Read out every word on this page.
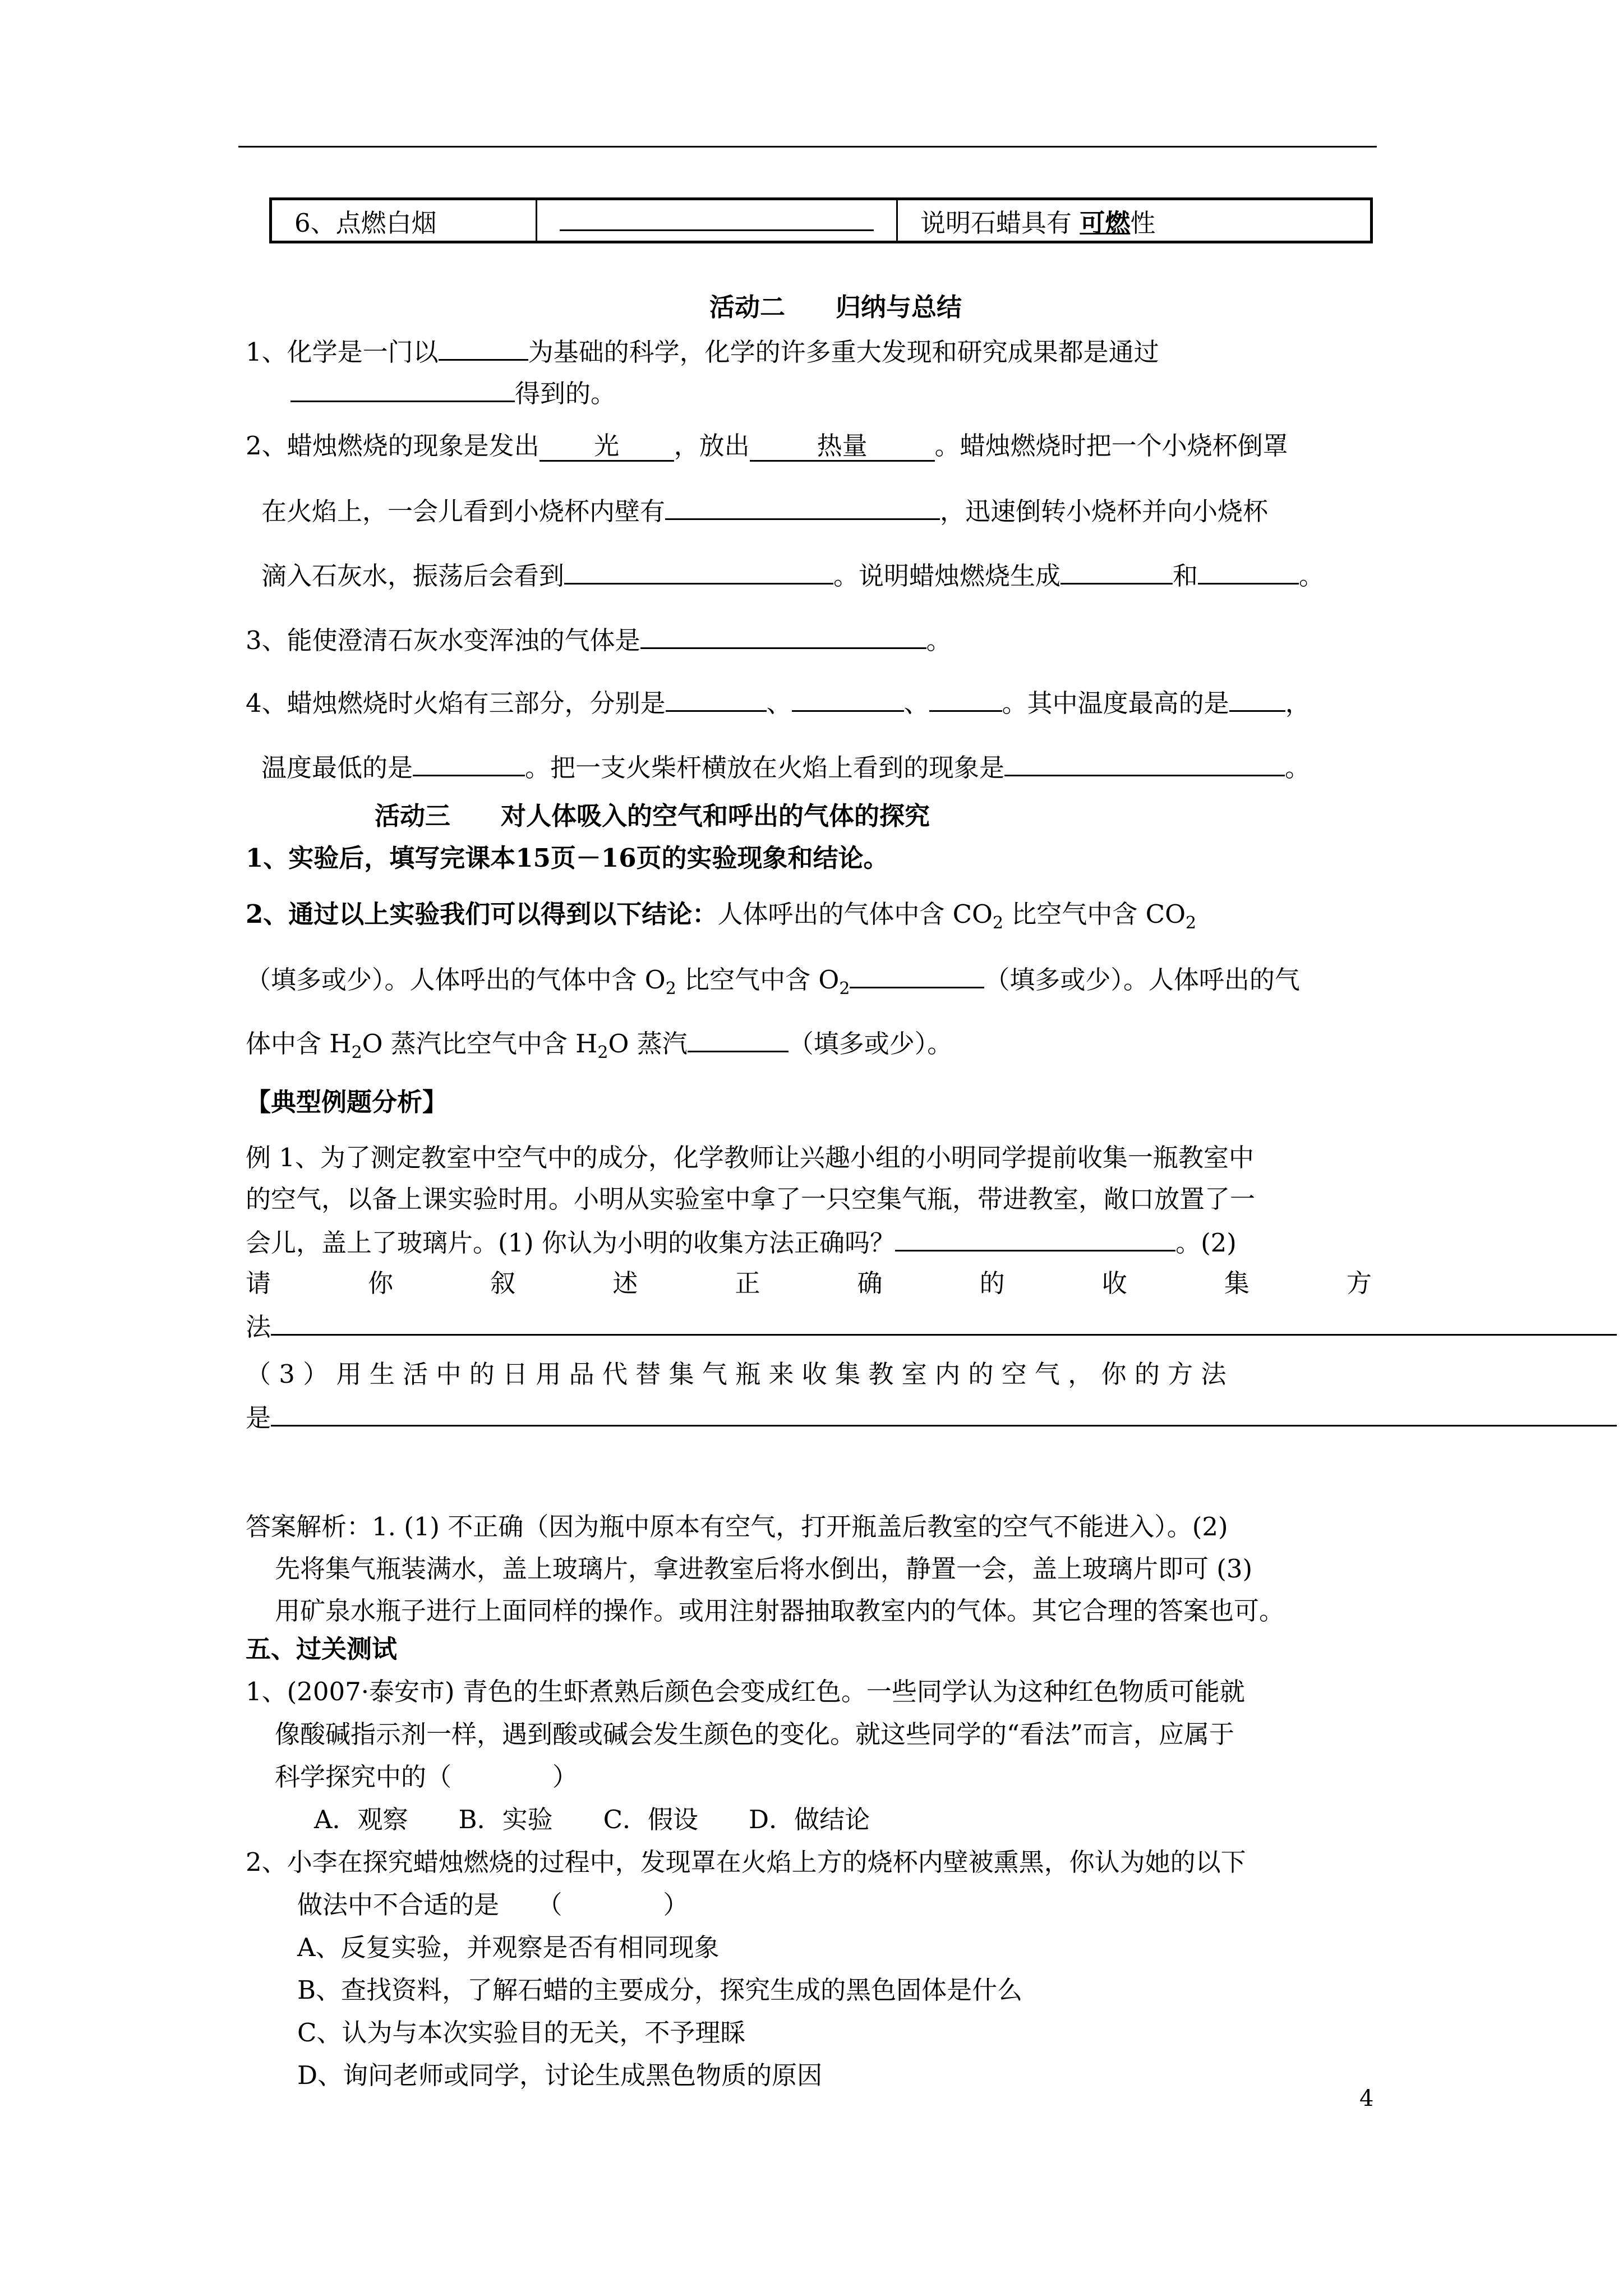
6、点燃白烟		说明石蜡具有 可燃性
活动二　　归纳与总结
1、化学是一门以	为基础的科学，化学的许多重大发现和研究成果都是通过
得到的。
2、蜡烛燃烧的现象是发出 光 ，放出	热量	。蜡烛燃烧时把一个小烧杯倒罩
在火焰上，一会儿看到小烧杯内壁有	，迅速倒转小烧杯并向小烧杯
滴入石灰水，振荡后会看到	。说明蜡烛燃烧生成	和	。
3、能使澄清石灰水变浑浊的气体是	。
4、蜡烛燃烧时火焰有三部分，分别是	、	、	。其中温度最高的是 ，
温度最低的是	。把一支火柴杆横放在火焰上看到的现象是	。
活动三　　对人体吸入的空气和呼出的气体的探究
1、实验后，填写完课本15页－16页的实验现象和结论。
2、通过以上实验我们可以得到以下结论：人体呼出的气体中含 $CO_2$ 比空气中含 $CO_2$
（填多或少）。人体呼出的气体中含 $O_2$ 比空气中含 $O_2$	（填多或少）。人体呼出的气
体中含 $H_2O$ 蒸汽比空气中含 $H_2O$ 蒸汽	（填多或少）。
【典型例题分析】
例 1、为了测定教室中空气中的成分，化学教师让兴趣小组的小明同学提前收集一瓶教室中
的空气，以备上课实验时用。小明从实验室中拿了一只空集气瓶，带进教室，敞口放置了一
会儿，盖上了玻璃片。(1) 你认为小明的收集方法正确吗？	。(2)
请	你	叙	述	正	确	的	收	集	方
法
（ 3 ） 用 生 活 中 的 日 用 品 代 替 集 气 瓶 来 收 集 教 室 内 的 空 气 ， 你 的 方 法
是
答案解析：1. (1) 不正确（因为瓶中原本有空气，打开瓶盖后教室的空气不能进入）。(2)
先将集气瓶装满水，盖上玻璃片，拿进教室后将水倒出，静置一会，盖上玻璃片即可 (3)
用矿泉水瓶子进行上面同样的操作。或用注射器抽取教室内的气体。其它合理的答案也可。
五、过关测试
1、(2007·泰安市) 青色的生虾煮熟后颜色会变成红色。一些同学认为这种红色物质可能就
像酸碱指示剂一样，遇到酸或碱会发生颜色的变化。就这些同学的“看法”而言，应属于
科学探究中的（　　　　）
A．观察　　B．实验　　C．假设　　D．做结论
2、小李在探究蜡烛燃烧的过程中，发现罩在火焰上方的烧杯内壁被熏黑，你认为她的以下
做法中不合适的是　　（　　　　）
A、反复实验，并观察是否有相同现象
B、查找资料，了解石蜡的主要成分，探究生成的黑色固体是什么
C、认为与本次实验目的无关，不予理睬
D、询问老师或同学，讨论生成黑色物质的原因
4
